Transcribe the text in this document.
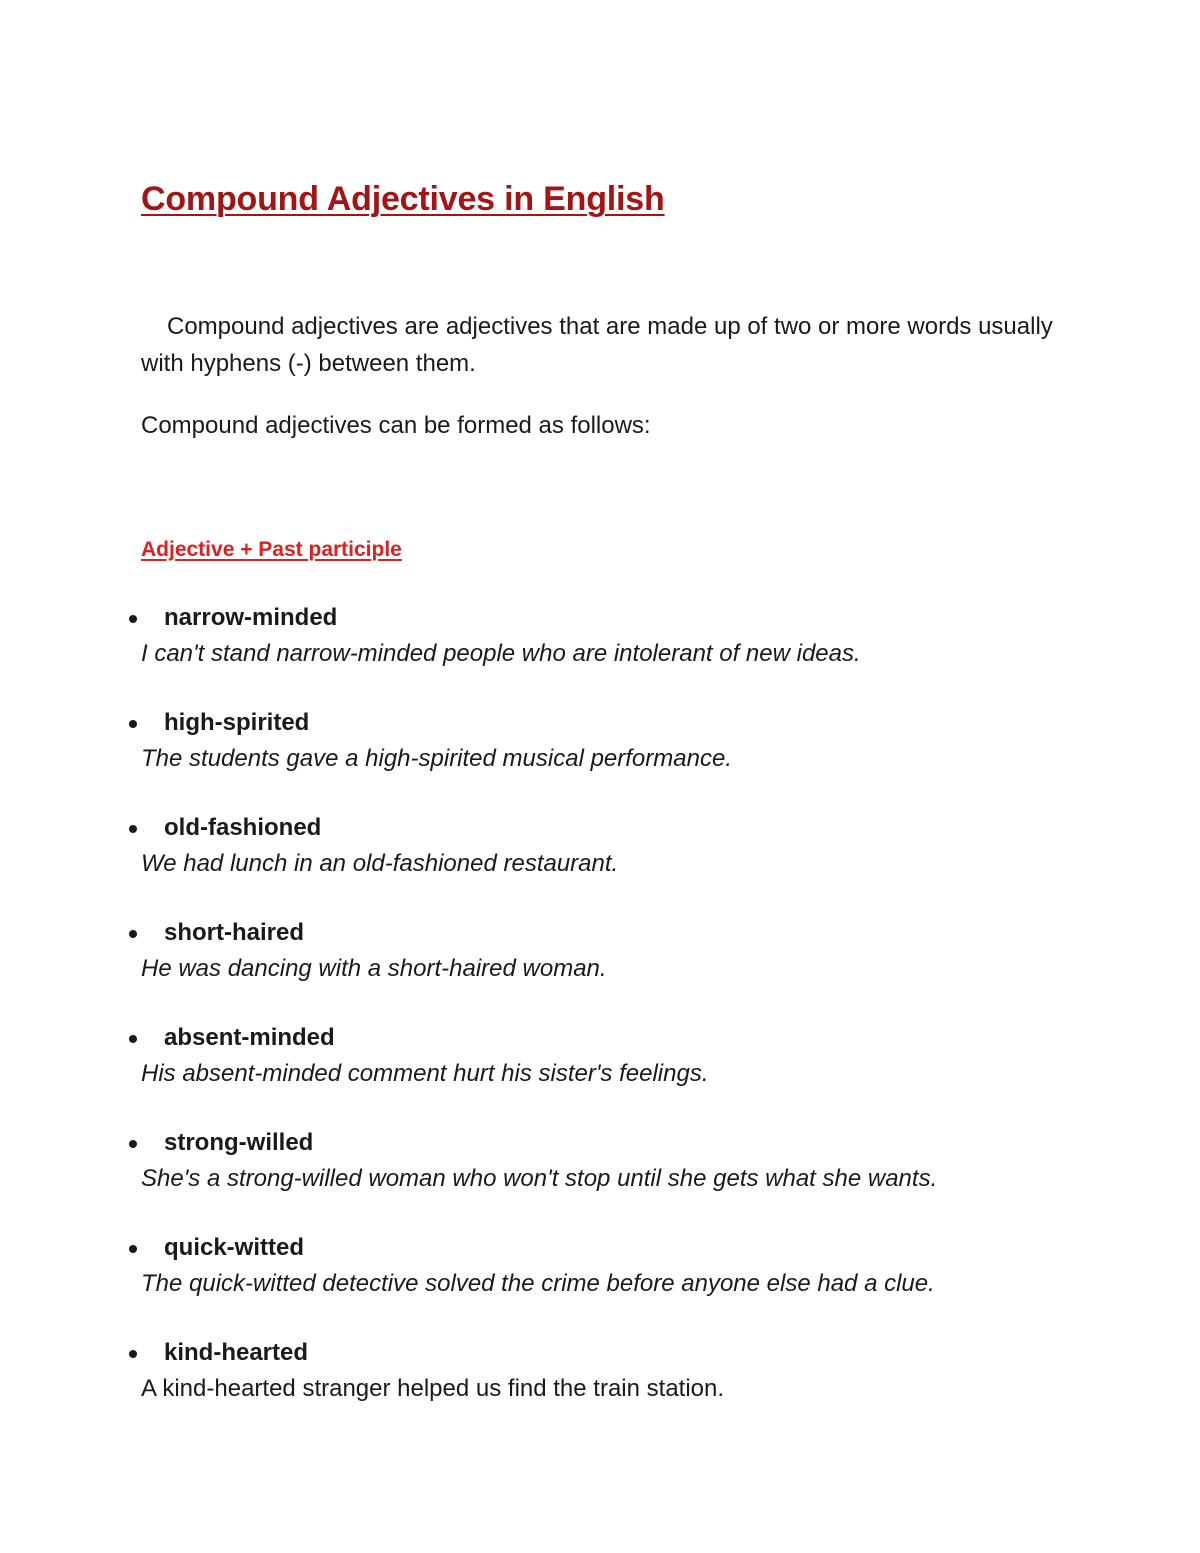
Compound Adjectives in English

Compound adjectives are adjectives that are made up of two or more words usually with hyphens (-) between them.

Compound adjectives can be formed as follows:

Adjective + Past participle
narrow-minded
I can't stand narrow-minded people who are intolerant of new ideas.
high-spirited
The students gave a high-spirited musical performance.
old-fashioned
We had lunch in an old-fashioned restaurant.
short-haired
He was dancing with a short-haired woman.
absent-minded
His absent-minded comment hurt his sister's feelings.
strong-willed
She's a strong-willed woman who won't stop until she gets what she wants.
quick-witted
The quick-witted detective solved the crime before anyone else had a clue.
kind-hearted
A kind-hearted stranger helped us find the train station.
